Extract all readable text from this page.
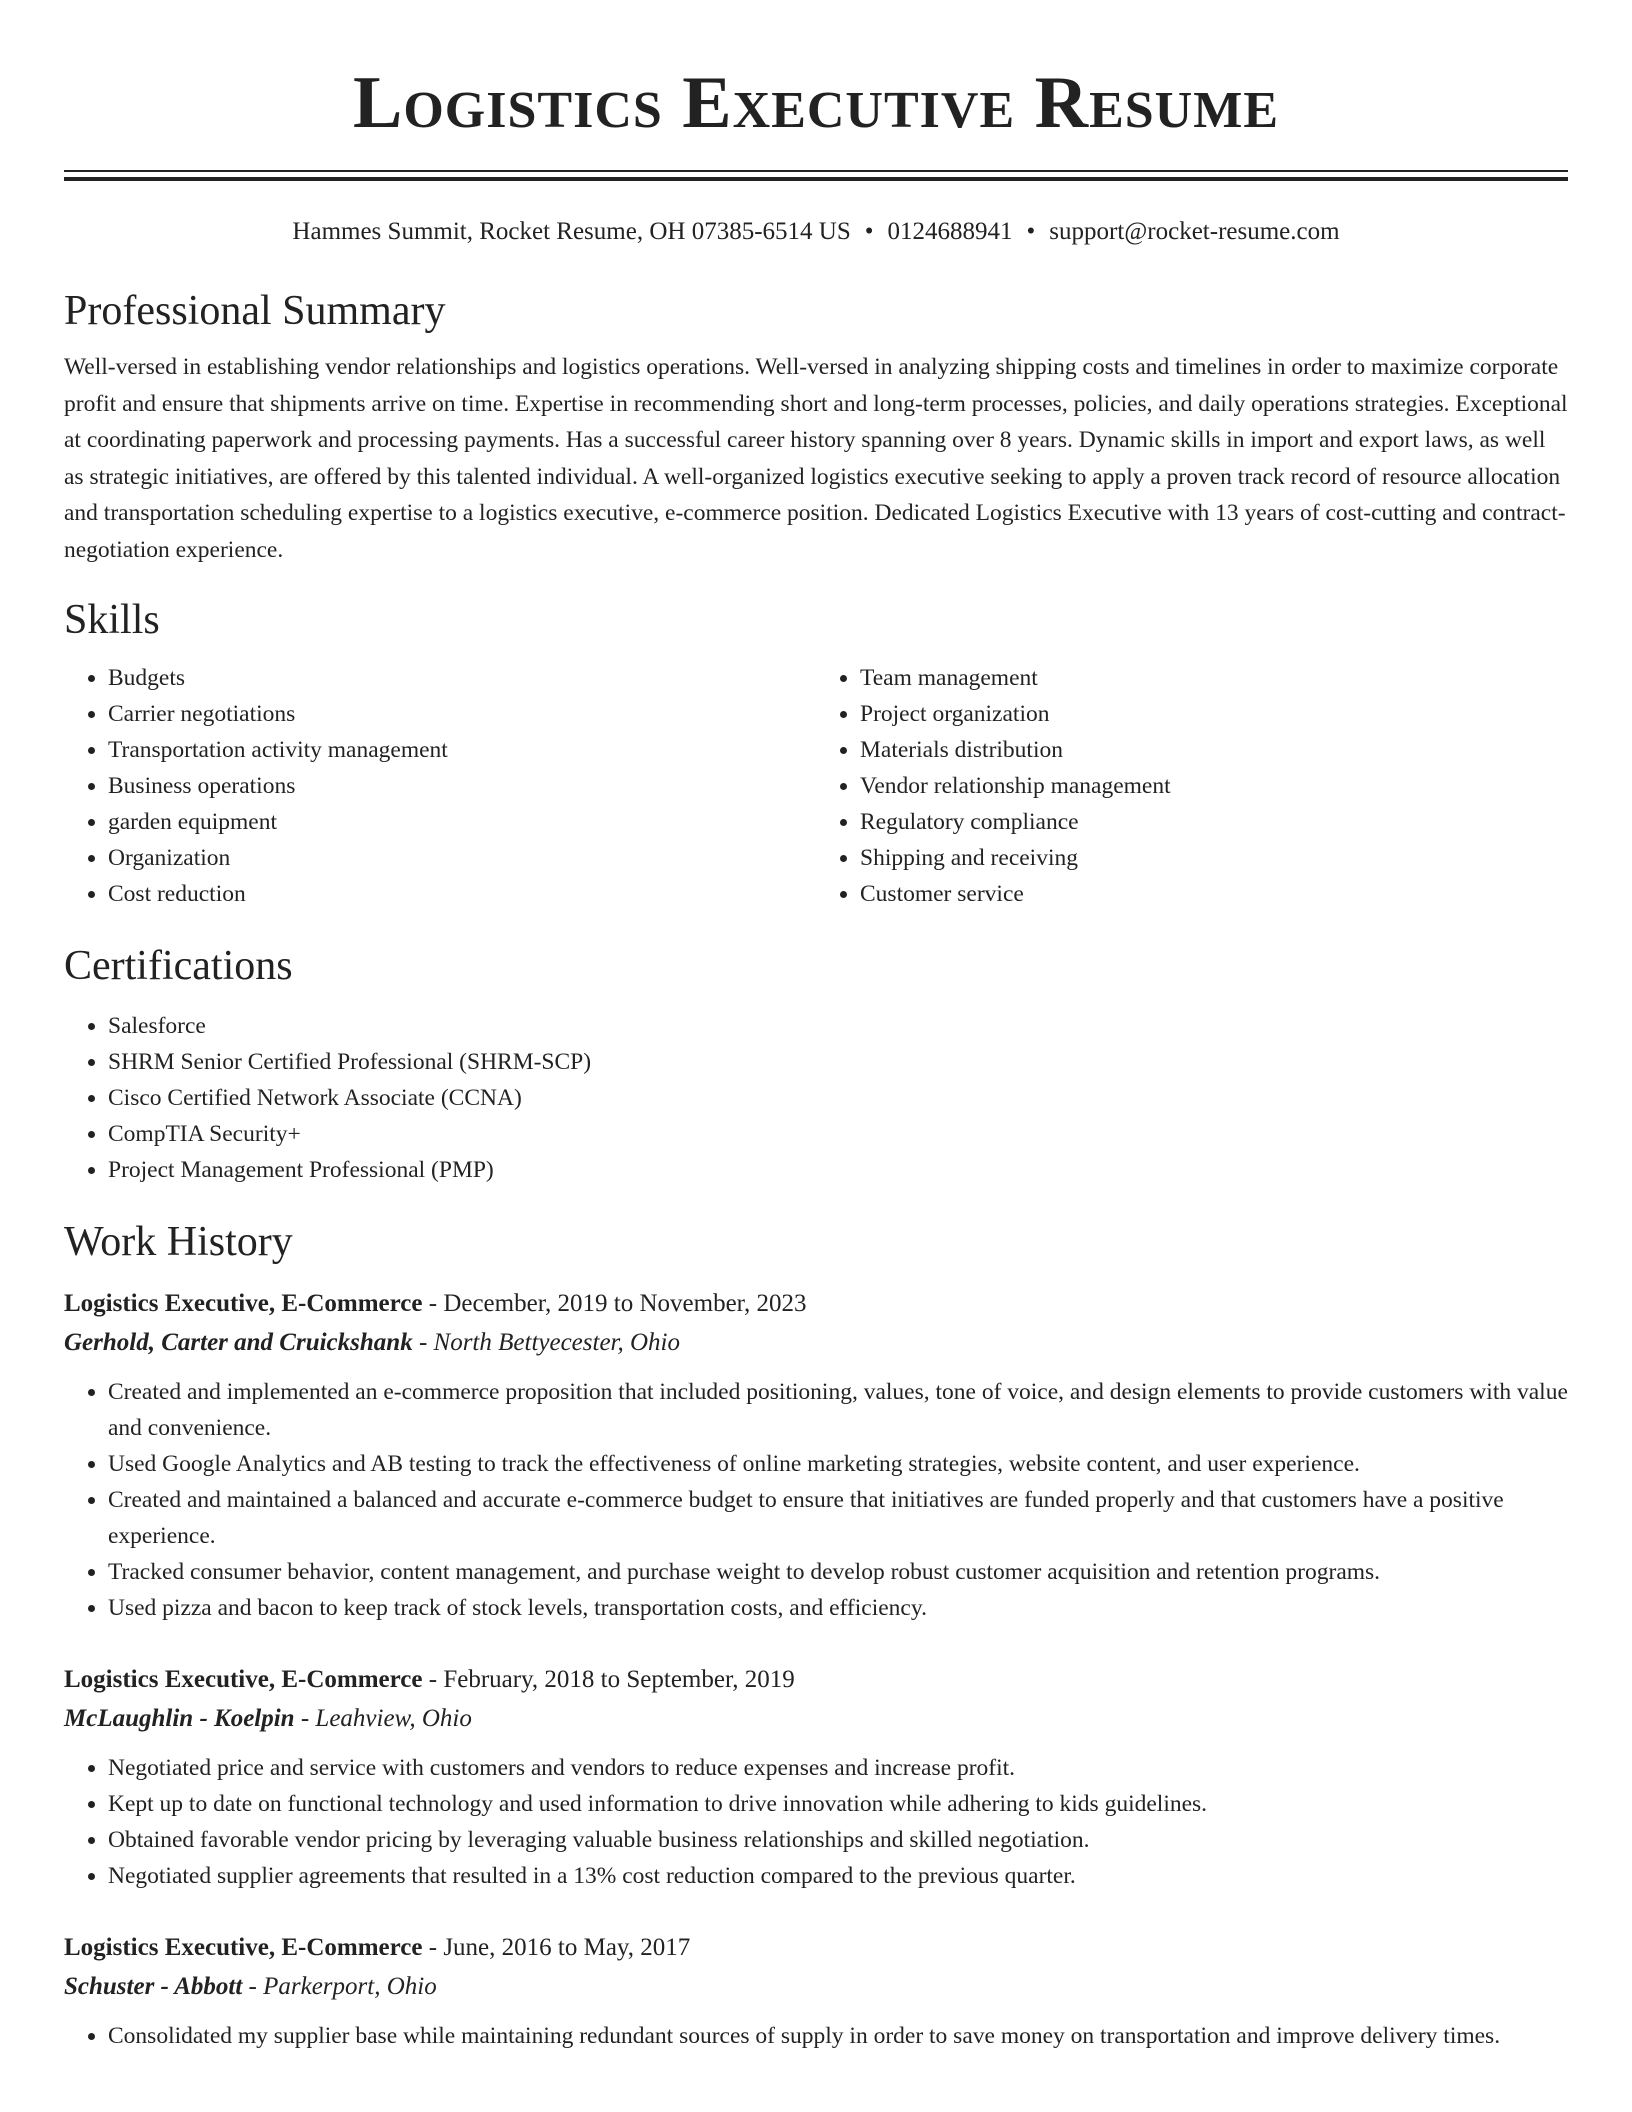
Logistics Executive Resume
Hammes Summit, Rocket Resume, OH 07385-6514 US • 0124688941 • support@rocket-resume.com
Professional Summary

Well-versed in establishing vendor relationships and logistics operations. Well-versed in analyzing shipping costs and timelines in order to maximize corporate profit and ensure that shipments arrive on time. Expertise in recommending short and long-term processes, policies, and daily operations strategies. Exceptional at coordinating paperwork and processing payments. Has a successful career history spanning over 8 years. Dynamic skills in import and export laws, as well as strategic initiatives, are offered by this talented individual. A well-organized logistics executive seeking to apply a proven track record of resource allocation and transportation scheduling expertise to a logistics executive, e-commerce position. Dedicated Logistics Executive with 13 years of cost-cutting and contract-negotiation experience.

Skills
• Budgets
• Carrier negotiations
• Transportation activity management
• Business operations
• garden equipment
• Organization
• Cost reduction
• Team management
• Project organization
• Materials distribution
• Vendor relationship management
• Regulatory compliance
• Shipping and receiving
• Customer service
Certifications
• Salesforce
• SHRM Senior Certified Professional (SHRM-SCP)
• Cisco Certified Network Associate (CCNA)
• CompTIA Security+
• Project Management Professional (PMP)
Work History
Logistics Executive, E-Commerce - December, 2019 to November, 2023
Gerhold, Carter and Cruickshank - North Bettyecester, Ohio
• Created and implemented an e-commerce proposition that included positioning, values, tone of voice, and design elements to provide customers with value and convenience.
• Used Google Analytics and AB testing to track the effectiveness of online marketing strategies, website content, and user experience.
• Created and maintained a balanced and accurate e-commerce budget to ensure that initiatives are funded properly and that customers have a positive experience.
• Tracked consumer behavior, content management, and purchase weight to develop robust customer acquisition and retention programs.
• Used pizza and bacon to keep track of stock levels, transportation costs, and efficiency.
Logistics Executive, E-Commerce - February, 2018 to September, 2019
McLaughlin - Koelpin - Leahview, Ohio
• Negotiated price and service with customers and vendors to reduce expenses and increase profit.
• Kept up to date on functional technology and used information to drive innovation while adhering to kids guidelines.
• Obtained favorable vendor pricing by leveraging valuable business relationships and skilled negotiation.
• Negotiated supplier agreements that resulted in a 13% cost reduction compared to the previous quarter.
Logistics Executive, E-Commerce - June, 2016 to May, 2017
Schuster - Abbott - Parkerport, Ohio
• Consolidated my supplier base while maintaining redundant sources of supply in order to save money on transportation and improve delivery times.
